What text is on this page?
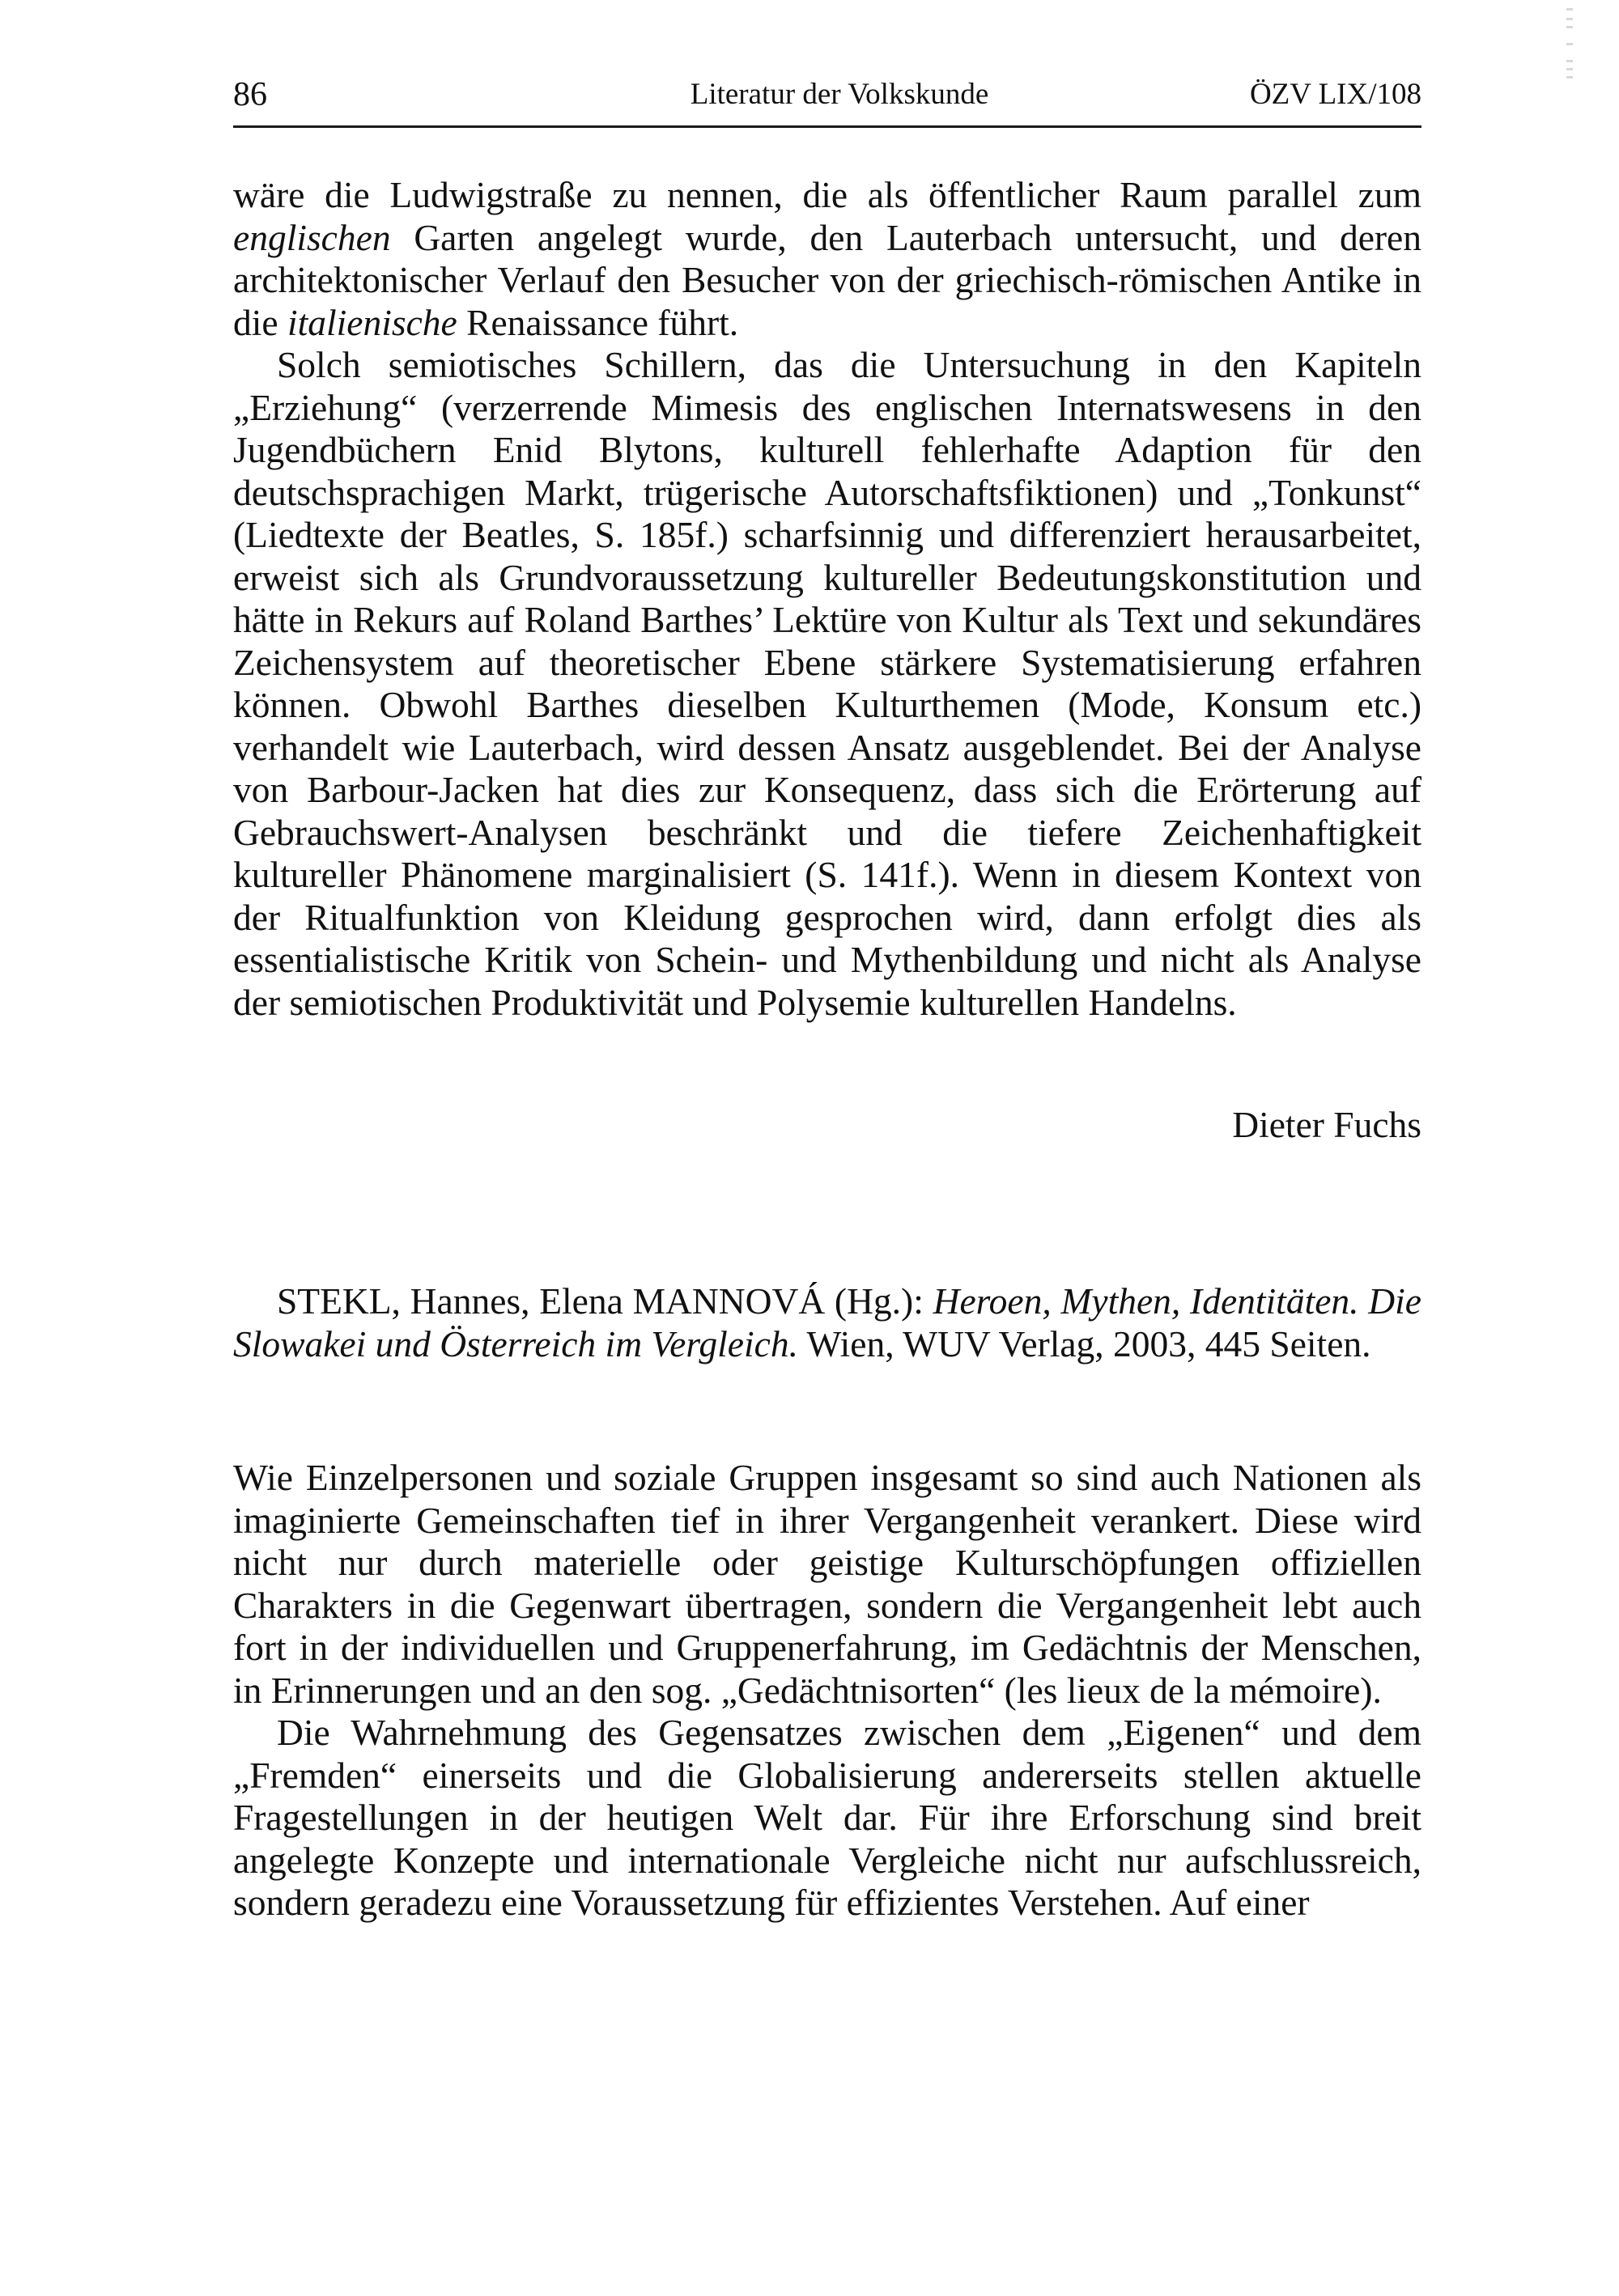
86	Literatur der Volkskunde	ÖZV LIX/108

wäre die Ludwigstraße zu nennen, die als öffentlicher Raum parallel zum englischen Garten angelegt wurde, den Lauterbach untersucht, und deren architektonischer Verlauf den Besucher von der griechisch-römischen Antike in die italienische Renaissance führt.

Solch semiotisches Schillern, das die Untersuchung in den Kapiteln „Erziehung“ (verzerrende Mimesis des englischen Internatswesens in den Jugendbüchern Enid Blytons, kulturell fehlerhafte Adaption für den deutschsprachigen Markt, trügerische Autorschaftsfiktionen) und „Tonkunst“ (Liedtexte der Beatles, S. 185f.) scharfsinnig und differenziert herausarbeitet, erweist sich als Grundvoraussetzung kultureller Bedeutungskonstitution und hätte in Rekurs auf Roland Barthes’ Lektüre von Kultur als Text und sekundäres Zeichensystem auf theoretischer Ebene stärkere Systematisierung erfahren können. Obwohl Barthes dieselben Kulturthemen (Mode, Konsum etc.) verhandelt wie Lauterbach, wird dessen Ansatz ausgeblendet. Bei der Analyse von Barbour-Jacken hat dies zur Konsequenz, dass sich die Erörterung auf Gebrauchswert-Analysen beschränkt und die tiefere Zeichenhaftigkeit kultureller Phänomene marginalisiert (S. 141f.). Wenn in diesem Kontext von der Ritualfunktion von Kleidung gesprochen wird, dann erfolgt dies als essentialistische Kritik von Schein- und Mythenbildung und nicht als Analyse der semiotischen Produktivität und Polysemie kulturellen Handelns.

Dieter Fuchs
STEKL, Hannes, Elena MANNOVÁ (Hg.): Heroen, Mythen, Identitäten. Die Slowakei und Österreich im Vergleich. Wien, WUV Verlag, 2003, 445 Seiten.

Wie Einzelpersonen und soziale Gruppen insgesamt so sind auch Nationen als imaginierte Gemeinschaften tief in ihrer Vergangenheit verankert. Diese wird nicht nur durch materielle oder geistige Kulturschöpfungen offiziellen Charakters in die Gegenwart übertragen, sondern die Vergangenheit lebt auch fort in der individuellen und Gruppenerfahrung, im Gedächtnis der Menschen, in Erinnerungen und an den sog. „Gedächtnisorten“ (les lieux de la mémoire).

Die Wahrnehmung des Gegensatzes zwischen dem „Eigenen“ und dem „Fremden“ einerseits und die Globalisierung andererseits stellen aktuelle Fragestellungen in der heutigen Welt dar. Für ihre Erforschung sind breit angelegte Konzepte und internationale Vergleiche nicht nur aufschlussreich, sondern geradezu eine Voraussetzung für effizientes Verstehen. Auf einer
